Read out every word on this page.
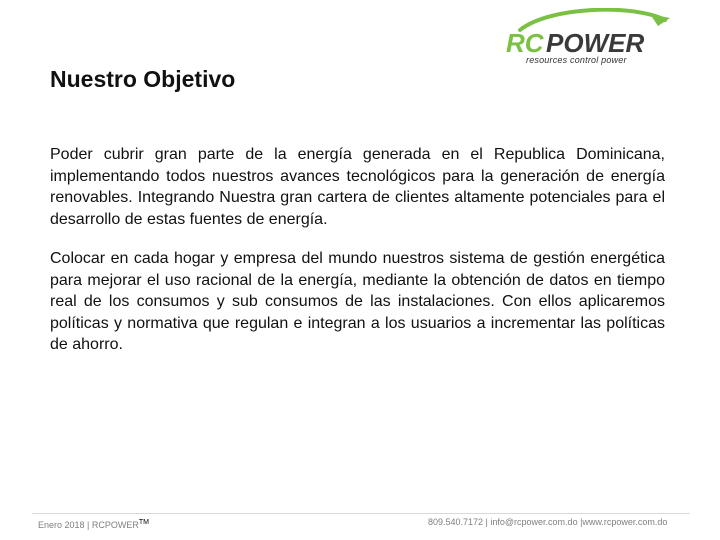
RC POWER
resources control power
Nuestro Objetivo

Poder cubrir gran parte de la energía generada en el Republica Dominicana, implementando todos nuestros avances tecnológicos para la generación de energía renovables. Integrando Nuestra gran cartera de clientes altamente potenciales para el desarrollo de estas fuentes de energía.

Colocar en cada hogar y empresa del mundo nuestros sistema de gestión energética para mejorar el uso racional de la energía, mediante la obtención de datos en tiempo real de los consumos y sub consumos de las instalaciones. Con ellos aplicaremos políticas y normativa que regulan e integran a los usuarios a incrementar las políticas de ahorro.

Enero 2018 | RCPOWER™	809.540.7172 | info@rcpower.com.do |www.rcpower.com.do
